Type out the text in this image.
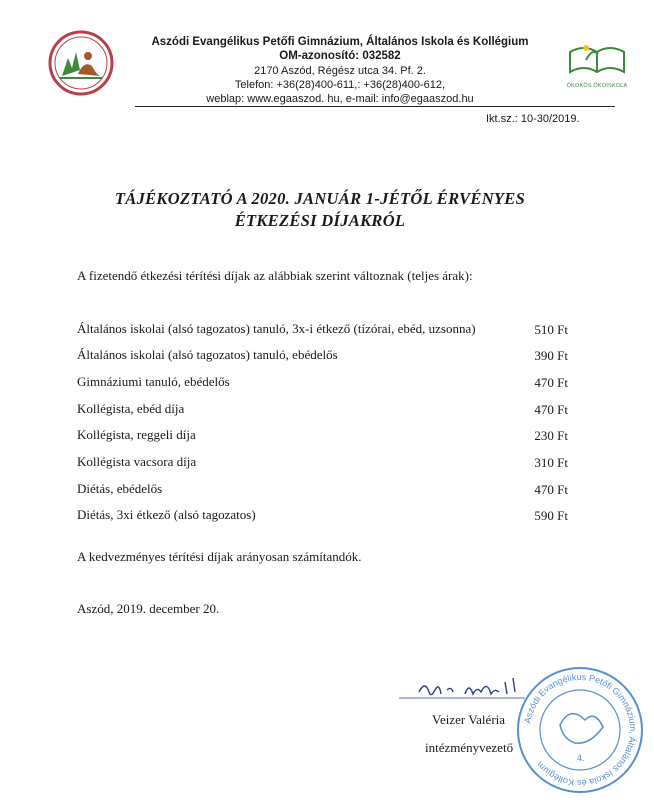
Aszódi Evangélikus Petőfi Gimnázium, Általános Iskola és Kollégium
OM-azonosító: 032582
2170 Aszód, Régész utca 34. Pf. 2.
Telefon: +36(28)400-611,: +36(28)400-612,
weblap: www.egaaszod. hu, e-mail: info@egaaszod.hu
ÖKOKÖS ÖKOISKOLA
Ikt.sz.: 10-30/2019.
TÁJÉKOZTATÓ A 2020. JANUÁR 1-JÉTŐL ÉRVÉNYES
ÉTKEZÉSI DÍJAKRÓL
A fizetendő étkezési térítési díjak az alábbiak szerint változnak (teljes árak):
Általános iskolai (alsó tagozatos) tanuló, 3x-i étkező (tízórai, ebéd, uzsonna)	510 Ft
Általános iskolai (alsó tagozatos) tanuló, ebédelős	390 Ft
Gimnáziumi tanuló, ebédelős	470 Ft
Kollégista, ebéd díja	470 Ft
Kollégista, reggeli díja	230 Ft
Kollégista vacsora díja	310 Ft
Diétás, ebédelős	470 Ft
Diétás, 3xi étkező (alsó tagozatos)	590 Ft
A kedvezményes térítési díjak arányosan számítandók.
Aszód, 2019. december 20.
Veizer Valéria
intézményvezető
Aszódi Evangélikus Petőfi Gimnázium, Általános Iskola és Kollégium
4.
